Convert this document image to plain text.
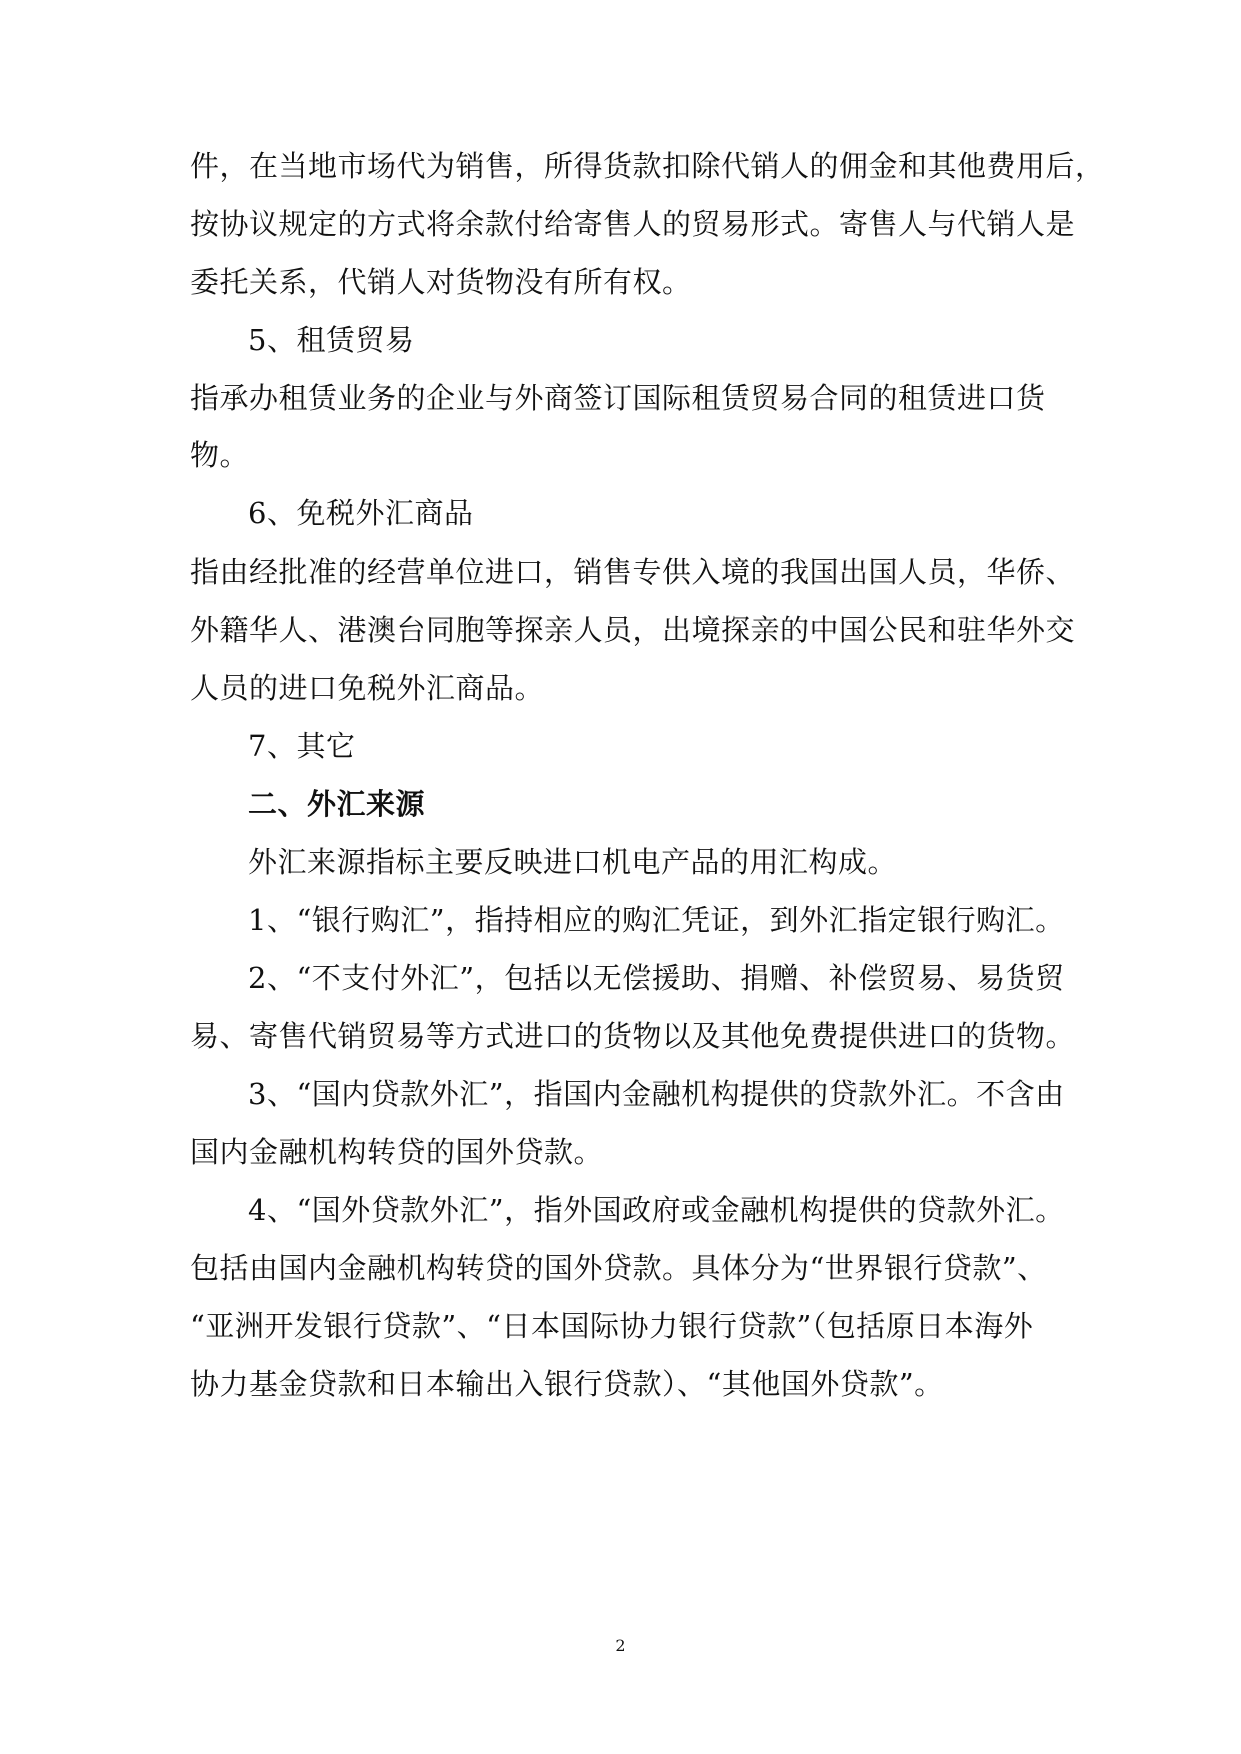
件，在当地市场代为销售，所得货款扣除代销人的佣金和其他费用后，
按协议规定的方式将余款付给寄售人的贸易形式。寄售人与代销人是
委托关系，代销人对货物没有所有权。
5、租赁贸易
指承办租赁业务的企业与外商签订国际租赁贸易合同的租赁进口货
物。
6、免税外汇商品
指由经批准的经营单位进口，销售专供入境的我国出国人员，华侨、
外籍华人、港澳台同胞等探亲人员，出境探亲的中国公民和驻华外交
人员的进口免税外汇商品。
7、其它
二、外汇来源
外汇来源指标主要反映进口机电产品的用汇构成。
1、“银行购汇”，指持相应的购汇凭证，到外汇指定银行购汇。
2、“不支付外汇”，包括以无偿援助、捐赠、补偿贸易、易货贸
易、寄售代销贸易等方式进口的货物以及其他免费提供进口的货物。
3、“国内贷款外汇”，指国内金融机构提供的贷款外汇。不含由
国内金融机构转贷的国外贷款。
4、“国外贷款外汇”，指外国政府或金融机构提供的贷款外汇。
包括由国内金融机构转贷的国外贷款。具体分为“世界银行贷款”、
“亚洲开发银行贷款”、“日本国际协力银行贷款”（包括原日本海外
协力基金贷款和日本输出入银行贷款）、“其他国外贷款”。
2
